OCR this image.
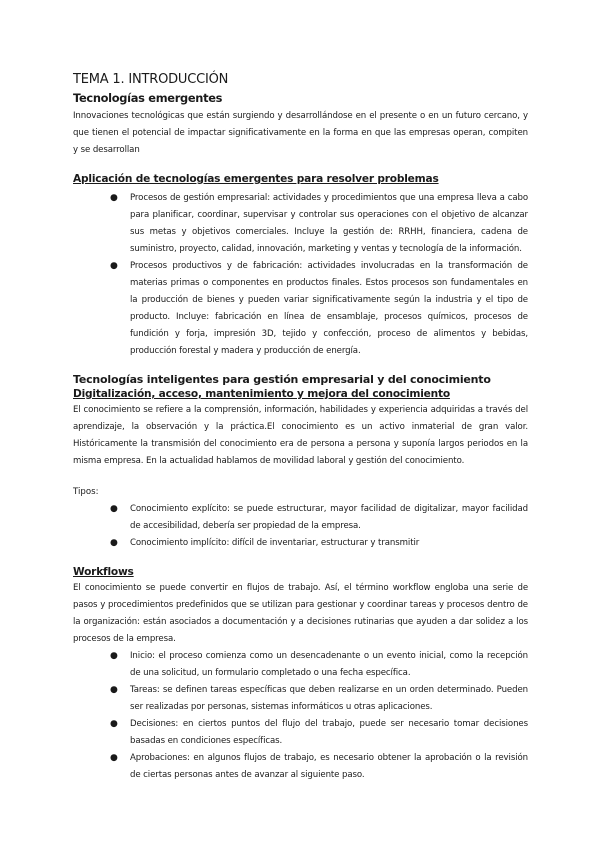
TEMA 1. INTRODUCCIÓN
Tecnologías emergentes

Innovaciones tecnológicas que están surgiendo y desarrollándose en el presente o en un futuro cercano, y que tienen el potencial de impactar significativamente en la forma en que las empresas operan, compiten y se desarrollan

Aplicación de tecnologías emergentes para resolver problemas
● Procesos de gestión empresarial: actividades y procedimientos que una empresa lleva a cabo para planificar, coordinar, supervisar y controlar sus operaciones con el objetivo de alcanzar sus metas y objetivos comerciales. Incluye la gestión de: RRHH, financiera, cadena de suministro, proyecto, calidad, innovación, marketing y ventas y tecnología de la información.
● Procesos productivos y de fabricación: actividades involucradas en la transformación de materias primas o componentes en productos finales. Estos procesos son fundamentales en la producción de bienes y pueden variar significativamente según la industria y el tipo de producto. Incluye: fabricación en línea de ensamblaje, procesos químicos, procesos de fundición y forja, impresión 3D, tejido y confección, proceso de alimentos y bebidas, producción forestal y madera y producción de energía.
Tecnologías inteligentes para gestión empresarial y del conocimiento
Digitalización, acceso, mantenimiento y mejora del conocimiento

El conocimiento se refiere a la comprensión, información, habilidades y experiencia adquiridas a través del aprendizaje, la observación y la práctica.El conocimiento es un activo inmaterial de gran valor. Históricamente la transmisión del conocimiento era de persona a persona y suponía largos periodos en la misma empresa. En la actualidad hablamos de movilidad laboral y gestión del conocimiento.

Tipos:

● Conocimiento explícito: se puede estructurar, mayor facilidad de digitalizar, mayor facilidad de accesibilidad, debería ser propiedad de la empresa.
● Conocimiento implícito: difícil de inventariar, estructurar y transmitir
Workflows

El conocimiento se puede convertir en flujos de trabajo. Así, el término workflow engloba una serie de pasos y procedimientos predefinidos que se utilizan para gestionar y coordinar tareas y procesos dentro de la organización: están asociados a documentación y a decisiones rutinarias que ayuden a dar solidez a los procesos de la empresa.

● Inicio: el proceso comienza como un desencadenante o un evento inicial, como la recepción de una solicitud, un formulario completado o una fecha específica.
● Tareas: se definen tareas específicas que deben realizarse en un orden determinado. Pueden ser realizadas por personas, sistemas informáticos u otras aplicaciones.
● Decisiones: en ciertos puntos del flujo del trabajo, puede ser necesario tomar decisiones basadas en condiciones específicas.
● Aprobaciones: en algunos flujos de trabajo, es necesario obtener la aprobación o la revisión de ciertas personas antes de avanzar al siguiente paso.
